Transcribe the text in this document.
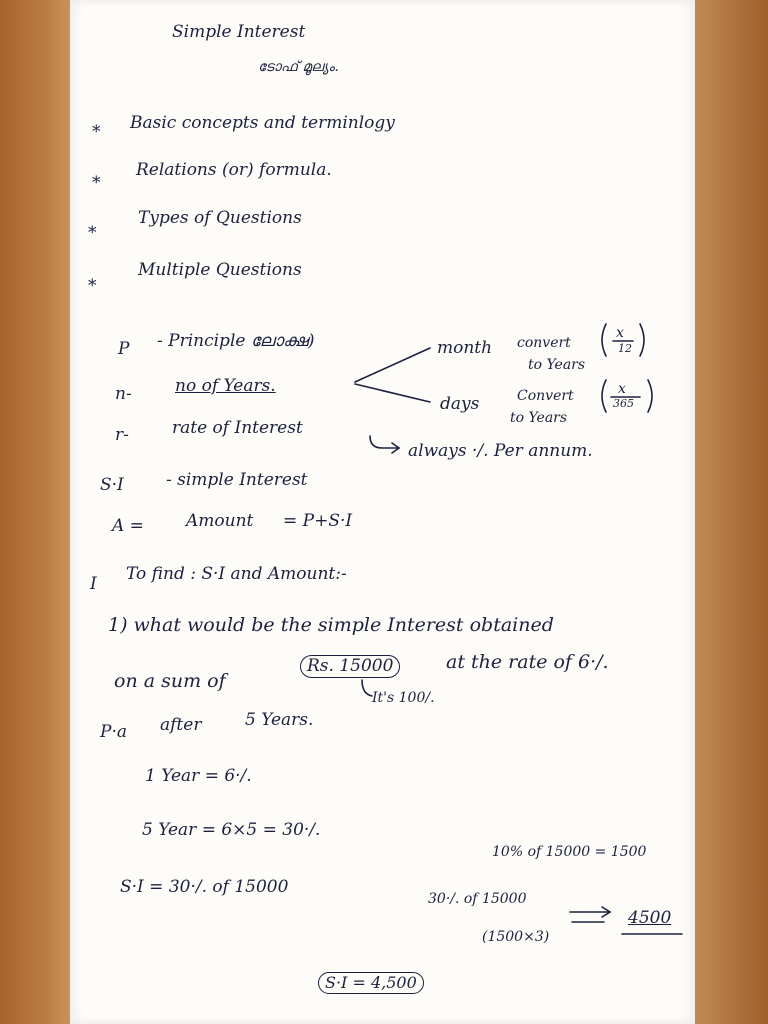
Simple Interest
ടോഫ് മൂല്യം.
* Basic concepts and terminlogy
*
Relations (or) formula.
*
Types of Questions
*
Multiple Questions
P - Principle ലോക്ഷ)
n-	no of Years.
r-	rate of Interest
S·I - simple Interest
A = Amount = P+S·I
month convert
to Years
x
12
days	Convert
to Years
x
365
always ·/. Per annum.
I To find : S·I and Amount:-
1) what would be the simple Interest obtained
on a sum of
Rs. 15000	at the rate of 6·/.
It's 100/.
P·a after	5 Years.
1 Year = 6·/.
5 Year = 6×5 = 30·/.
10% of 15000 = 1500
S·I = 30·/. of 15000
30·/. of 15000
4500
(1500×3)
S·I = 4,500
